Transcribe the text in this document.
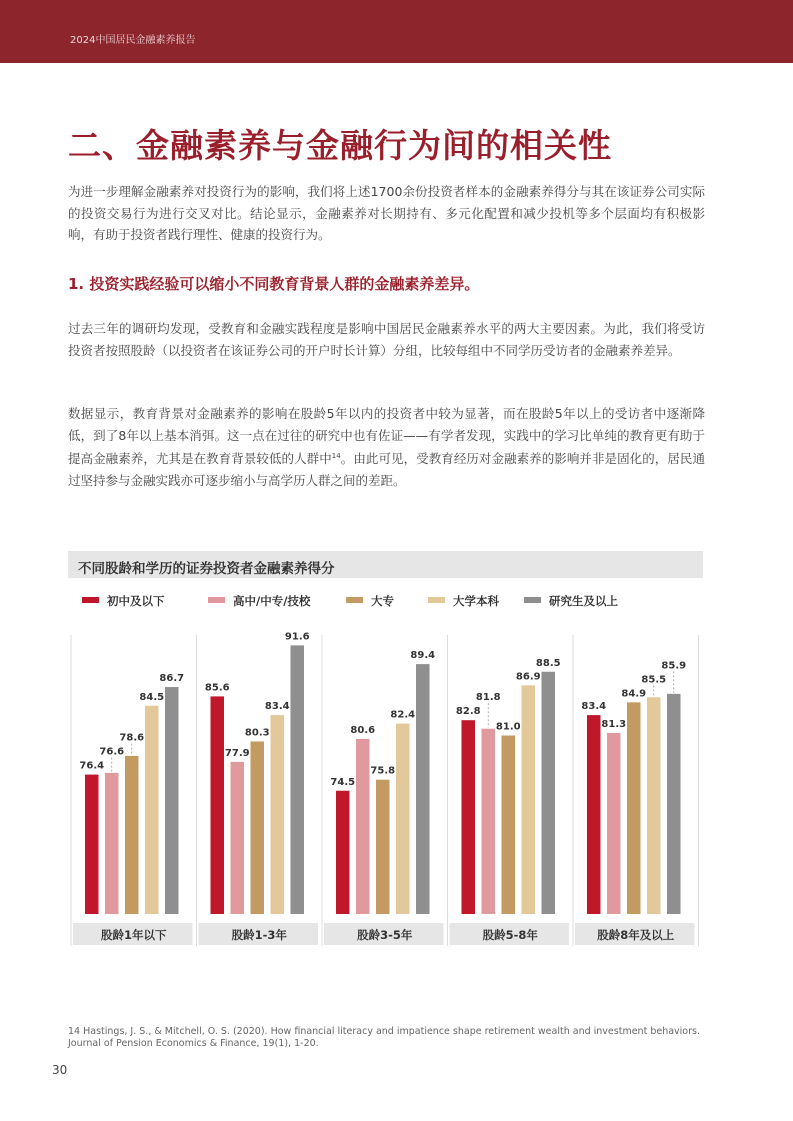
2024中国居民金融素养报告
二、金融素养与金融行为间的相关性
为进一步理解金融素养对投资行为的影响，我们将上述1700余份投资者样本的金融素养得分与其在该证券公司实际的投资交易行为进行交叉对比。结论显示，金融素养对长期持有、多元化配置和减少投机等多个层面均有积极影响，有助于投资者践行理性、健康的投资行为。
1. 投资实践经验可以缩小不同教育背景人群的金融素养差异。
过去三年的调研均发现，受教育和金融实践程度是影响中国居民金融素养水平的两大主要因素。为此，我们将受访投资者按照股龄（以投资者在该证券公司的开户时长计算）分组，比较每组中不同学历受访者的金融素养差异。
数据显示，教育背景对金融素养的影响在股龄5年以内的投资者中较为显著，而在股龄5年以上的受访者中逐渐降低，到了8年以上基本消弭。这一点在过往的研究中也有佐证——有学者发现，实践中的学习比单纯的教育更有助于提高金融素养，尤其是在教育背景较低的人群中$^{14}$。由此可见，受教育经历对金融素养的影响并非是固化的，居民通过坚持参与金融实践亦可逐步缩小与高学历人群之间的差距。
不同股龄和学历的证券投资者金融素养得分
初中及以下	高中/中专/技校	大专	大学本科	研究生及以上
股龄1年以下
76.4
76.6
78.6
84.5
86.7
股龄1-3年
85.6
77.9
80.3
83.4
91.6
股龄3-5年
74.5
80.6
75.8
82.4
89.4
股龄5-8年
82.8
81.8
81.0
86.9
88.5
股龄8年及以上
83.4
81.3
84.9
85.5
85.9
14 Hastings, J. S., & Mitchell, O. S. (2020). How financial literacy and impatience shape retirement wealth and investment behaviors. Journal of Pension Economics & Finance, 19(1), 1-20.
30
